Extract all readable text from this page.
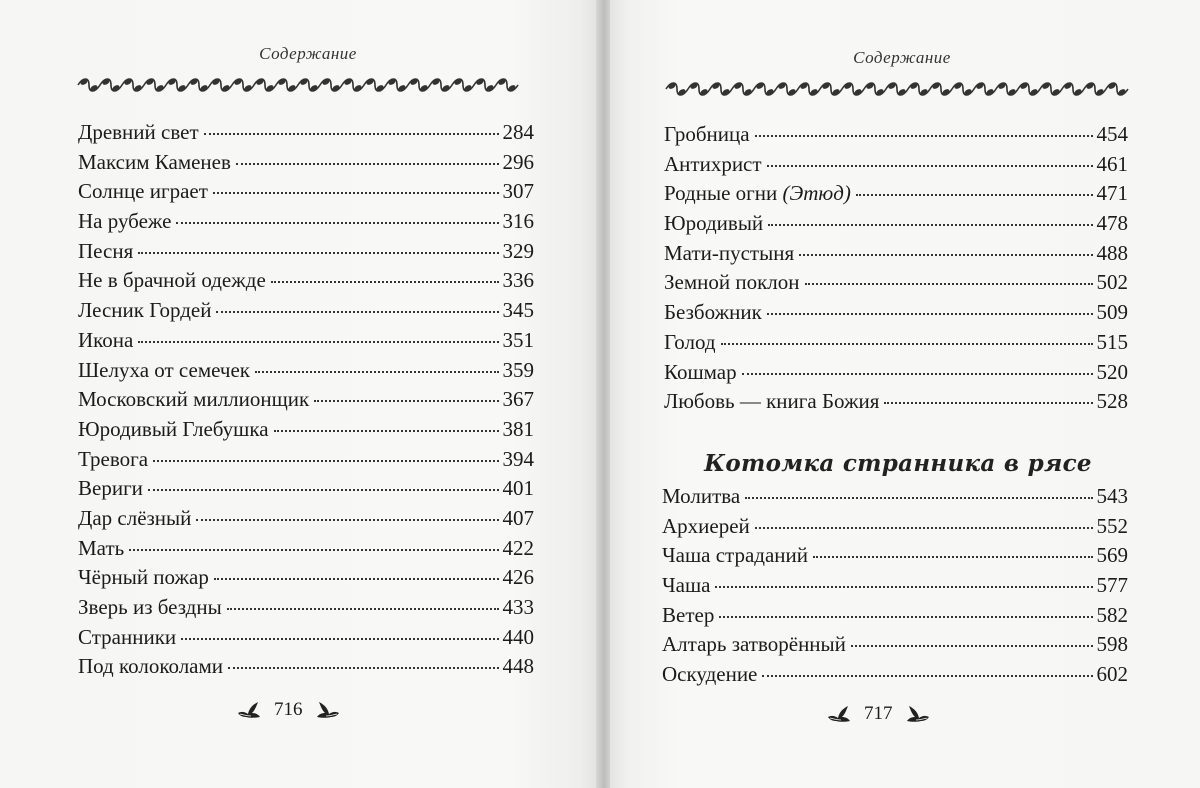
Содержание
Древний свет	284
Максим Каменев	296
Солнце играет	307
На рубеже	316
Песня	329
Не в брачной одежде	336
Лесник Гордей	345
Икона	351
Шелуха от семечек	359
Московский миллионщик	367
Юродивый Глебушка	381
Тревога	394
Вериги	401
Дар слёзный	407
Мать	422
Чёрный пожар	426
Зверь из бездны	433
Странники	440
Под колоколами	448
716
Содержание
Гробница	454
Антихрист	461
Родные огни (Этюд)	471
Юродивый	478
Мати-пустыня	488
Земной поклон	502
Безбожник	509
Голод	515
Кошмар	520
Любовь — книга Божия	528
Котомка странника в рясе
Молитва	543
Архиерей	552
Чаша страданий	569
Чаша	577
Ветер	582
Алтарь затворённый	598
Оскудение	602
717
